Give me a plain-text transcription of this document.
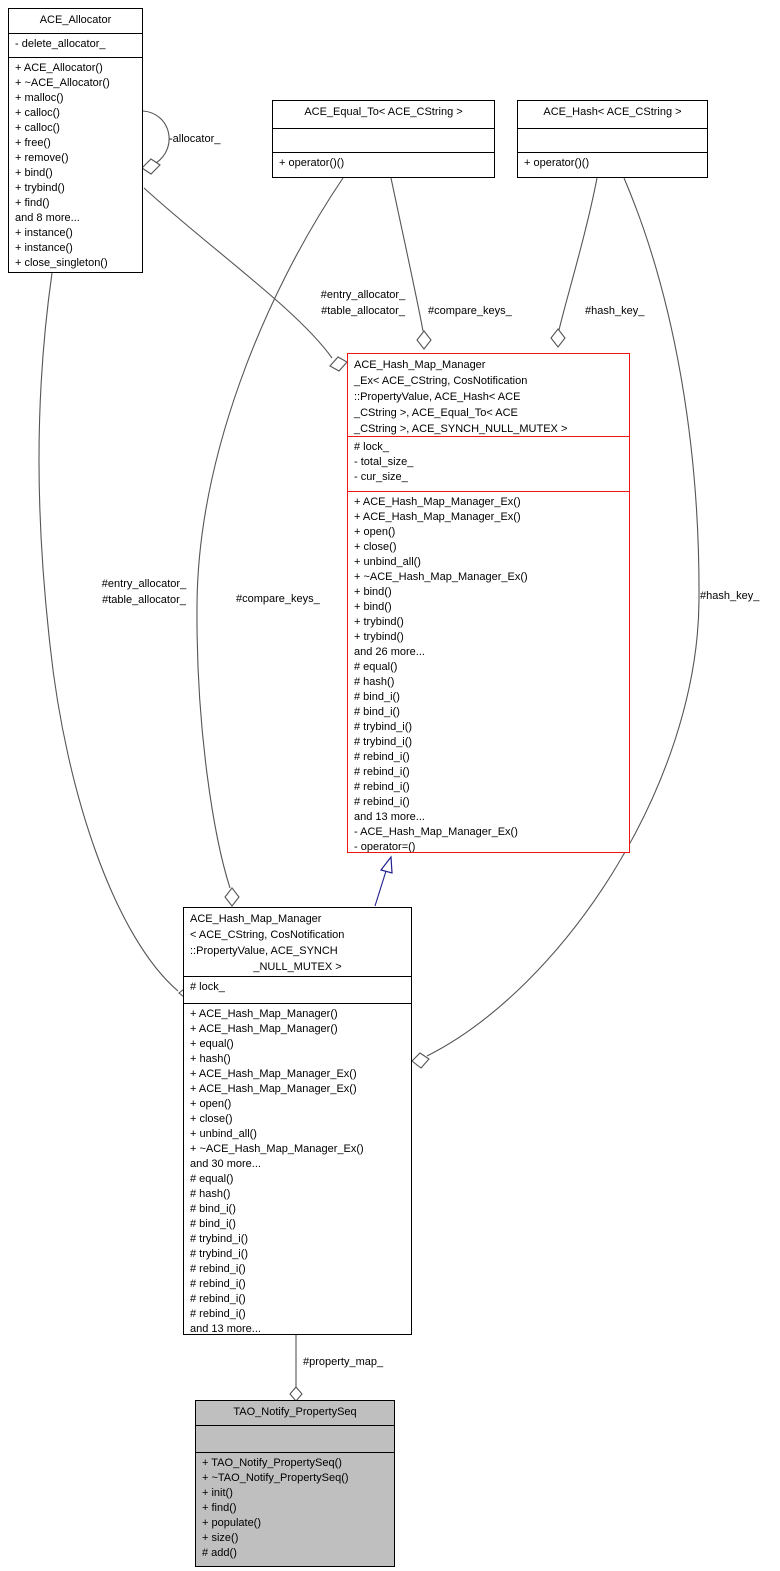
ACE_Allocator
- delete_allocator_
+ ACE_Allocator()
+ ~ACE_Allocator()
+ malloc()
+ calloc()
+ calloc()
+ free()
+ remove()
+ bind()
+ trybind()
+ find()
and 8 more...
+ instance()
+ instance()
+ close_singleton()
ACE_Equal_To< ACE_CString >
+ operator()()
ACE_Hash< ACE_CString >
+ operator()()
ACE_Hash_Map_Manager
_Ex< ACE_CString, CosNotification
::PropertyValue, ACE_Hash< ACE
_CString >, ACE_Equal_To< ACE
_CString >, ACE_SYNCH_NULL_MUTEX >
# lock_
- total_size_
- cur_size_
+ ACE_Hash_Map_Manager_Ex()
+ ACE_Hash_Map_Manager_Ex()
+ open()
+ close()
+ unbind_all()
+ ~ACE_Hash_Map_Manager_Ex()
+ bind()
+ bind()
+ trybind()
+ trybind()
and 26 more...
# equal()
# hash()
# bind_i()
# bind_i()
# trybind_i()
# trybind_i()
# rebind_i()
# rebind_i()
# rebind_i()
# rebind_i()
and 13 more...
- ACE_Hash_Map_Manager_Ex()
- operator=()
ACE_Hash_Map_Manager
< ACE_CString, CosNotification
::PropertyValue, ACE_SYNCH
_NULL_MUTEX >
# lock_
+ ACE_Hash_Map_Manager()
+ ACE_Hash_Map_Manager()
+ equal()
+ hash()
+ ACE_Hash_Map_Manager_Ex()
+ ACE_Hash_Map_Manager_Ex()
+ open()
+ close()
+ unbind_all()
+ ~ACE_Hash_Map_Manager_Ex()
and 30 more...
# equal()
# hash()
# bind_i()
# bind_i()
# trybind_i()
# trybind_i()
# rebind_i()
# rebind_i()
# rebind_i()
# rebind_i()
and 13 more...
TAO_Notify_PropertySeq
+ TAO_Notify_PropertySeq()
+ ~TAO_Notify_PropertySeq()
+ init()
+ find()
+ populate()
+ size()
# add()
-allocator_
#entry_allocator_
#table_allocator_
#entry_allocator_
#table_allocator_
#compare_keys_
#compare_keys_
#hash_key_
#hash_key_
#property_map_
